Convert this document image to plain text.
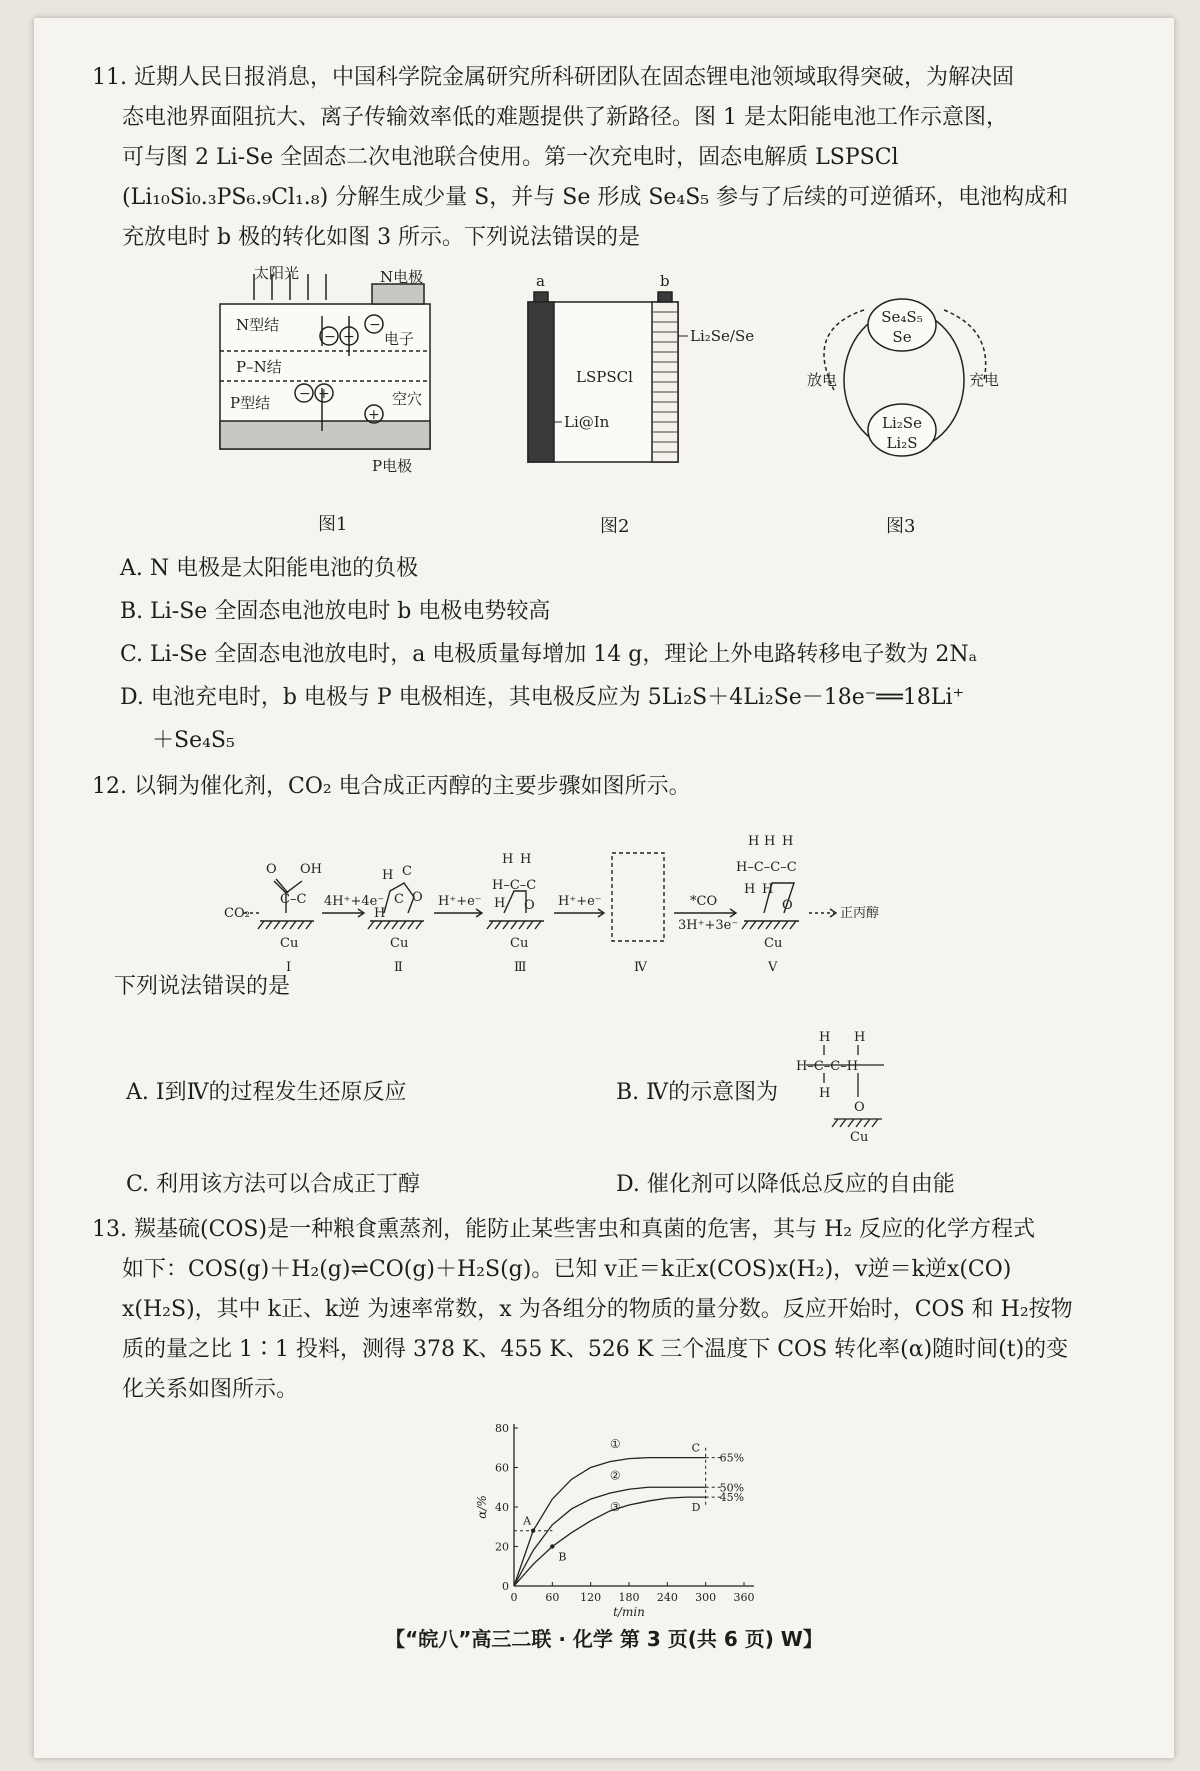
11. 近期人民日报消息，中国科学院金属研究所科研团队在固态锂电池领域取得突破，为解决固
态电池界面阻抗大、离子传输效率低的难题提供了新路径。图 1 是太阳能电池工作示意图，
可与图 2 Li-Se 全固态二次电池联合使用。第一次充电时，固态电解质 LSPSCl
(Li₁₀Si₀.₃PS₆.₉Cl₁.₈) 分解生成少量 S，并与 Se 形成 Se₄S₅ 参与了后续的可逆循环，电池构成和
充放电时 b 极的转化如图 3 所示。下列说法错误的是
太阳光	N电极
N型结
P–N结
P型结
电子
空穴
P电极
− +
−
− +
+
图1
a	b
Li₂Se/Se
LSPSCl
Li@In
图2
Se₄S₅
Se
Li₂Se
Li₂S
放电	充电
图3
A. N 电极是太阳能电池的负极
B. Li-Se 全固态电池放电时 b 电极电势较高
C. Li-Se 全固态电池放电时，a 电极质量每增加 14 g，理论上外电路转移电子数为 2Nₐ
D. 电池充电时，b 电极与 P 电极相连，其电极反应为 5Li₂S＋4Li₂Se－18e⁻══18Li⁺
＋Se₄S₅
12. 以铜为催化剂，CO₂ 电合成正丙醇的主要步骤如图所示。
CO₂
O OH
C–C
H C
H
C O
H H
H–C–C
H O
H H H
H–C–C–C
H H
O
4H⁺+4e⁻	H⁺+e⁻	H⁺+e⁻	*CO
3H⁺+3e⁻
正丙醇
Cu	Cu	Cu	Cu
Ⅰ	Ⅱ	Ⅲ	Ⅳ	Ⅴ
下列说法错误的是
A. Ⅰ到Ⅳ的过程发生还原反应	B. Ⅳ的示意图为
H H
H–C–C–H
H
O
Cu
C. 利用该方法可以合成正丁醇	D. 催化剂可以降低总反应的自由能
13. 羰基硫(COS)是一种粮食熏蒸剂，能防止某些害虫和真菌的危害，其与 H₂ 反应的化学方程式
如下：COS(g)＋H₂(g)⇌CO(g)＋H₂S(g)。已知 v正＝k正x(COS)x(H₂)，v逆＝k逆x(CO)
x(H₂S)，其中 k正、k逆 为速率常数，x 为各组分的物质的量分数。反应开始时，COS 和 H₂按物
质的量之比 1∶1 投料，测得 378 K、455 K、526 K 三个温度下 COS 转化率(α)随时间(t)的变
化关系如图所示。
0	60 120 180 240 300 360
0
20
40
60
80
t/min
α/%
①
②
③
A
B
C
D
65%
50%
45%
【“皖八”高三二联 · 化学 第 3 页(共 6 页) W】
